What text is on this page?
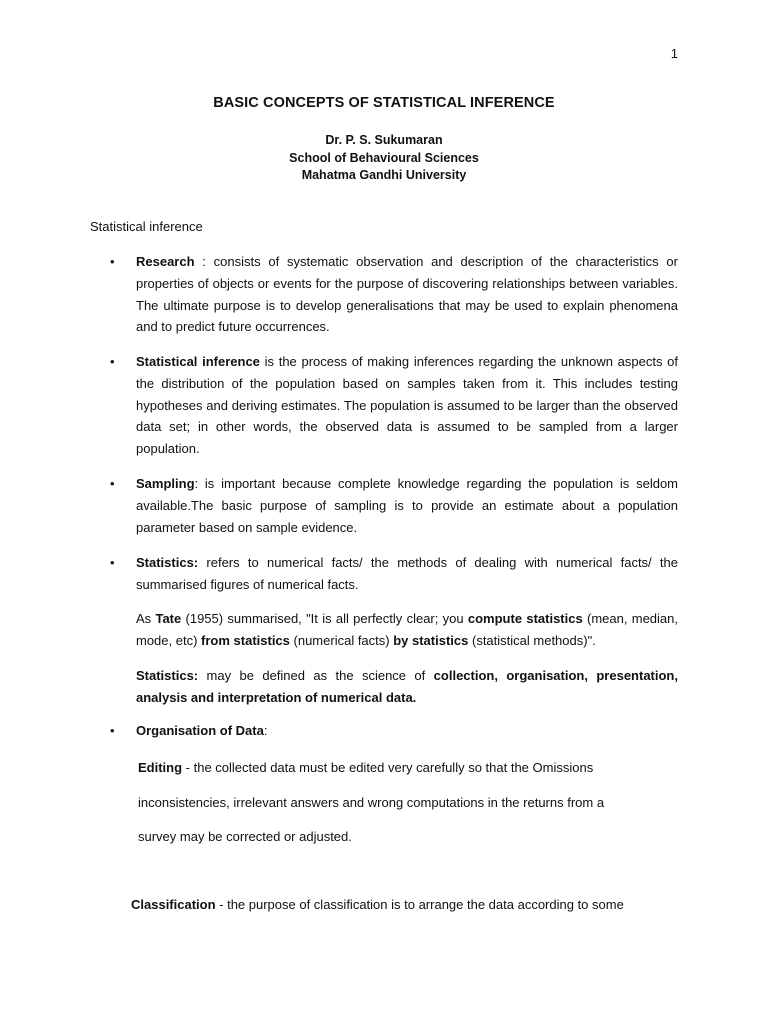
1
BASIC CONCEPTS OF STATISTICAL INFERENCE
Dr. P. S. Sukumaran
School of Behavioural Sciences
Mahatma Gandhi University
Statistical inference
• Research : consists of systematic observation and description of the characteristics or properties of objects or events for the purpose of discovering relationships between variables. The ultimate purpose is to develop generalisations that may be used to explain phenomena and to predict future occurrences.
• Statistical inference is the process of making inferences regarding the unknown aspects of the distribution of the population based on samples taken from it. This includes testing hypotheses and deriving estimates. The population is assumed to be larger than the observed data set; in other words, the observed data is assumed to be sampled from a larger population.
• Sampling: is important because complete knowledge regarding the population is seldom available.The basic purpose of sampling is to provide an estimate about a population parameter based on sample evidence.
• Statistics: refers to numerical facts/ the methods of dealing with numerical facts/ the summarised figures of numerical facts.
As Tate (1955) summarised, "It is all perfectly clear; you compute statistics (mean, median, mode, etc) from statistics (numerical facts) by statistics (statistical methods)".
Statistics: may be defined as the science of collection, organisation, presentation, analysis and interpretation of numerical data.
• Organisation of Data:
Editing - the collected data must be edited very carefully so that the Omissions
inconsistencies, irrelevant answers and wrong computations in the returns from a
survey may be corrected or adjusted.
Classification - the purpose of classification is to arrange the data according to some
